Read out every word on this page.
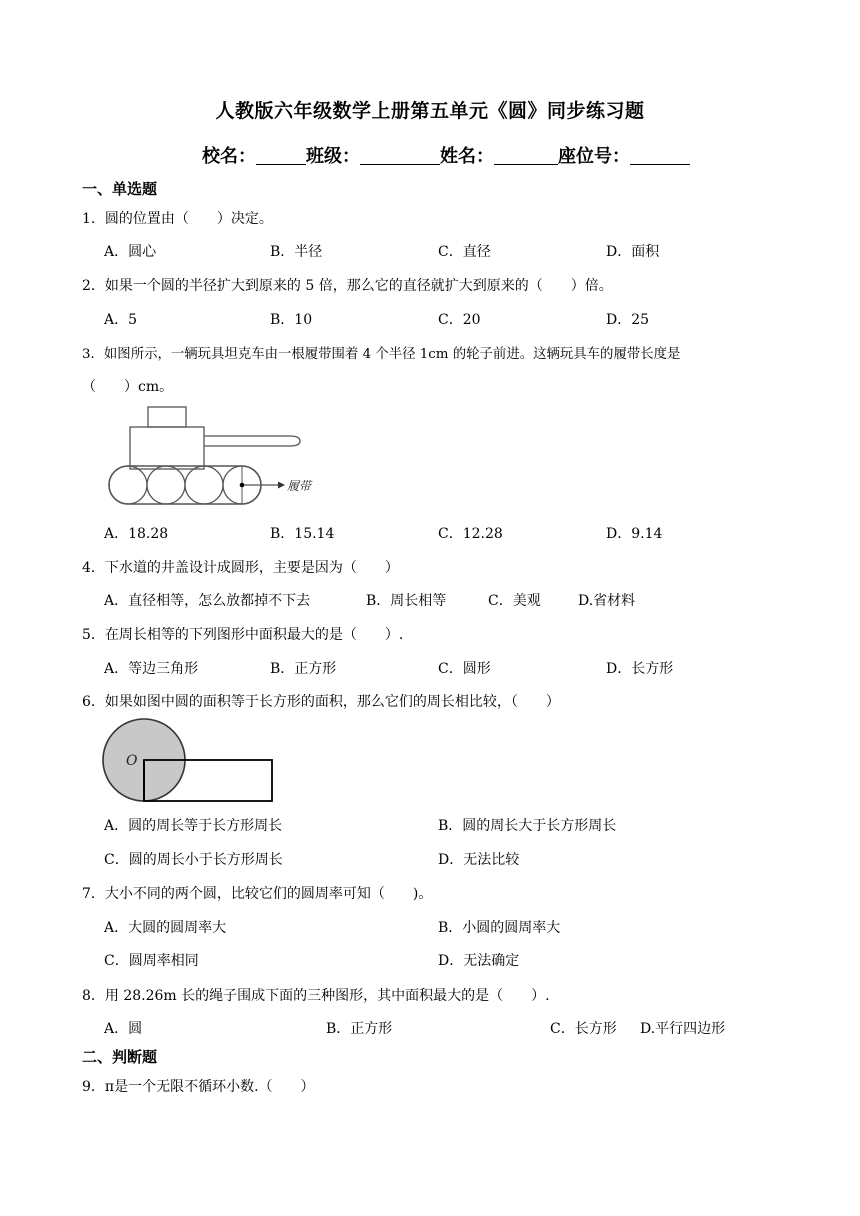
人教版六年级数学上册第五单元《圆》同步练习题
校名：	班级：	姓名：	座位号：
一、单选题
1．圆的位置由（　　）决定。
A．圆心	B．半径	C．直径	D．面积
2．如果一个圆的半径扩大到原来的 5 倍，那么它的直径就扩大到原来的（　　）倍。
A．5	B．10	C．20	D．25
3．如图所示，一辆玩具坦克车由一根履带围着 4 个半径 1cm 的轮子前进。这辆玩具车的履带长度是
（　　）cm。
履带
A．18.28	B．15.14	C．12.28	D．9.14
4．下水道的井盖设计成圆形，主要是因为（　　）
A．直径相等，怎么放都掉不下去	B．周长相等	C．美观	D.省材料
5．在周长相等的下列图形中面积最大的是（　　）.
A．等边三角形	B．正方形	C．圆形	D．长方形
6．如果如图中圆的面积等于长方形的面积，那么它们的周长相比较，（　　）
O
A．圆的周长等于长方形周长	B．圆的周长大于长方形周长
C．圆的周长小于长方形周长	D．无法比较
7．大小不同的两个圆，比较它们的圆周率可知（　　)。
A．大圆的圆周率大	B．小圆的圆周率大
C．圆周率相同	D．无法确定
8．用 28.26m 长的绳子围成下面的三种图形，其中面积最大的是（　　）.
A．圆	B．正方形	C．长方形 D.平行四边形
二、判断题
9．π是一个无限不循环小数.（　　）
